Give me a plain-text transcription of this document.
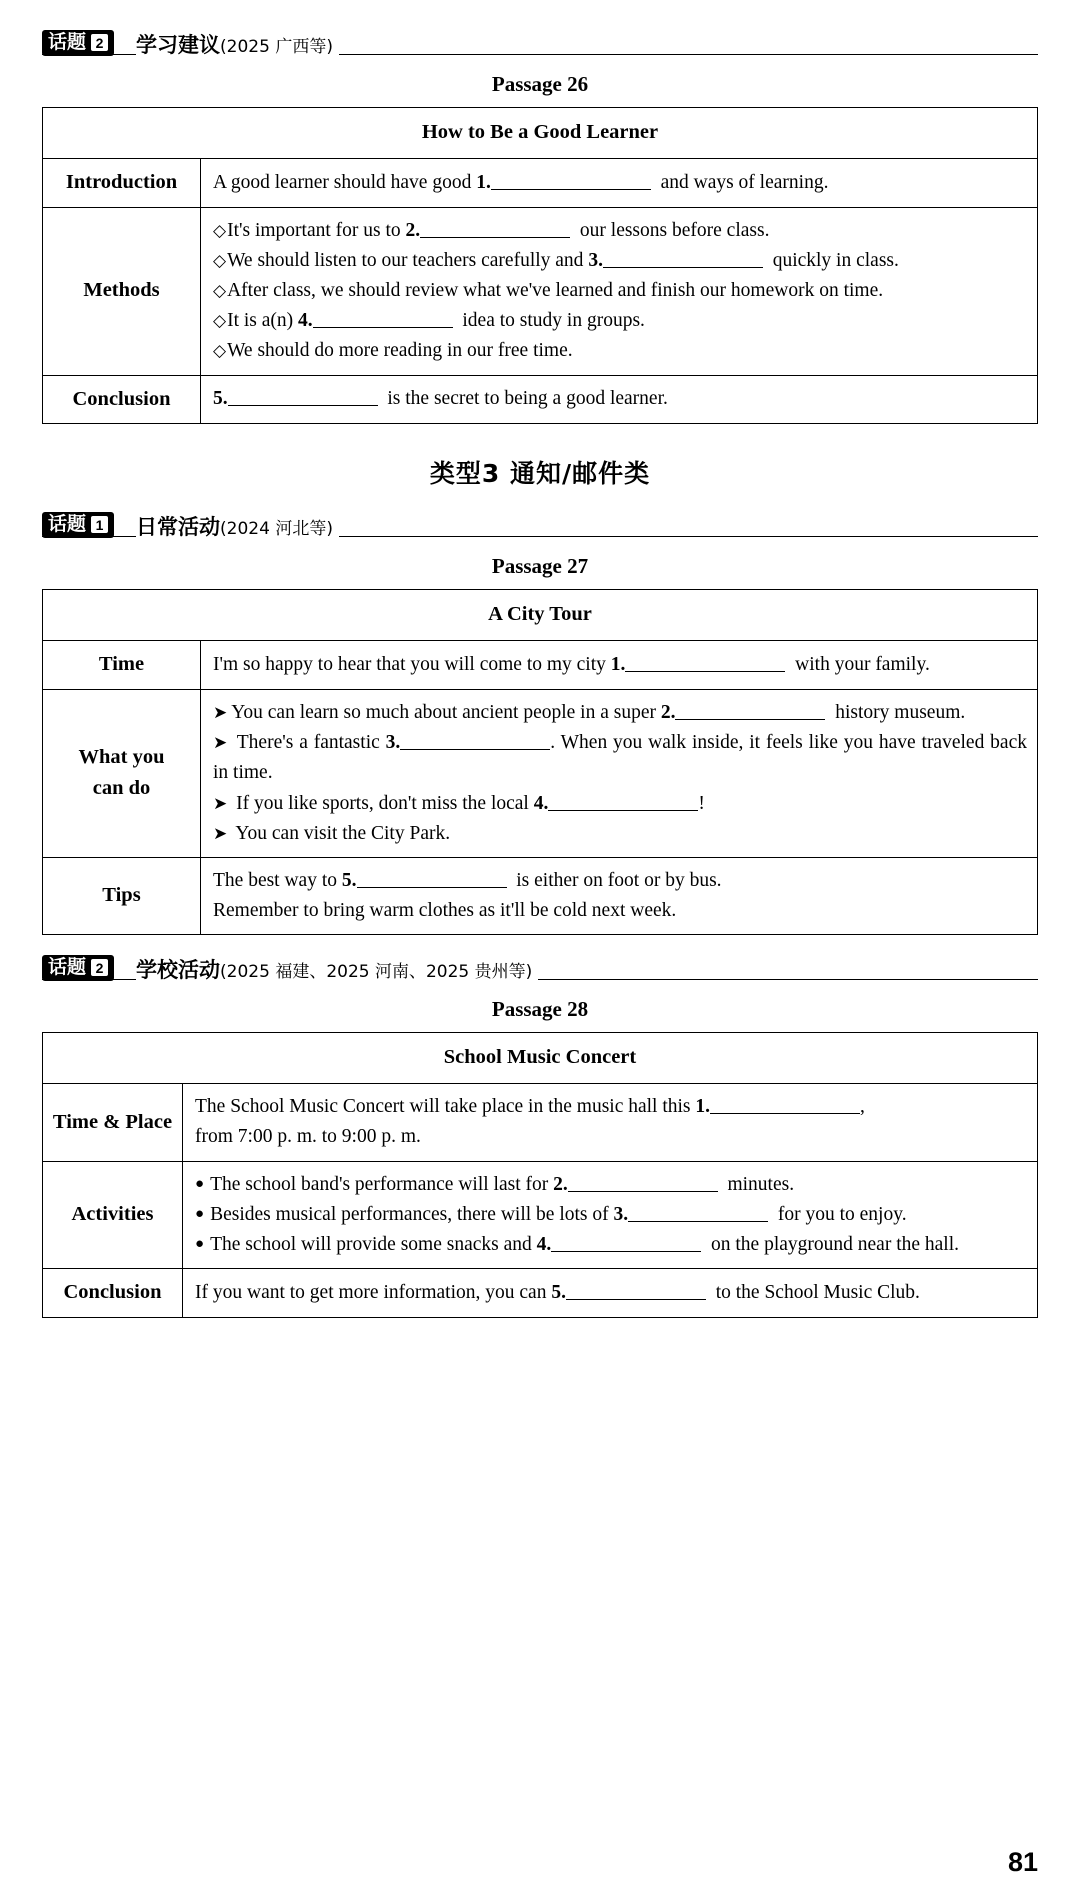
话题 2 学习建议(2025 广西等)
Passage 26
How to Be a Good Learner	
Introduction	A good learner should have good 1. and ways of learning.
Methods	◇It's important for us to 2. our lessons before class.
◇We should listen to our teachers carefully and 3. quickly in class.
◇After class, we should review what we've learned and finish our homework on time.
◇It is a(n) 4. idea to study in groups.
◇We should do more reading in our free time.

Conclusion	5. is the secret to being a good learner.
类型3 通知/邮件类
话题 1 日常活动(2024 河北等)
Passage 27
A City Tour	
Time	I'm so happy to hear that you will come to my city 1. with your family.
What you
can do	➤ You can learn so much about ancient people in a super 2. history museum.
➤ There's a fantastic 3. . When you walk inside, it feels like you have traveled back in time.
➤ If you like sports, don't miss the local 4. !
➤ You can visit the City Park.

Tips	The best way to 5. is either on foot or by bus.
Remember to bring warm clothes as it'll be cold next week.
话题 2 学校活动(2025 福建、2025 河南、2025 贵州等)
Passage 28
School Music Concert	
Time & Place	The School Music Concert will take place in the music hall this 1. ,
from 7:00 p. m. to 9:00 p. m.
Activities	● The school band's performance will last for 2. minutes.
● Besides musical performances, there will be lots of 3. for you to enjoy.
● The school will provide some snacks and 4. on the playground near the hall.

Conclusion	If you want to get more information, you can 5. to the School Music Club.
81
